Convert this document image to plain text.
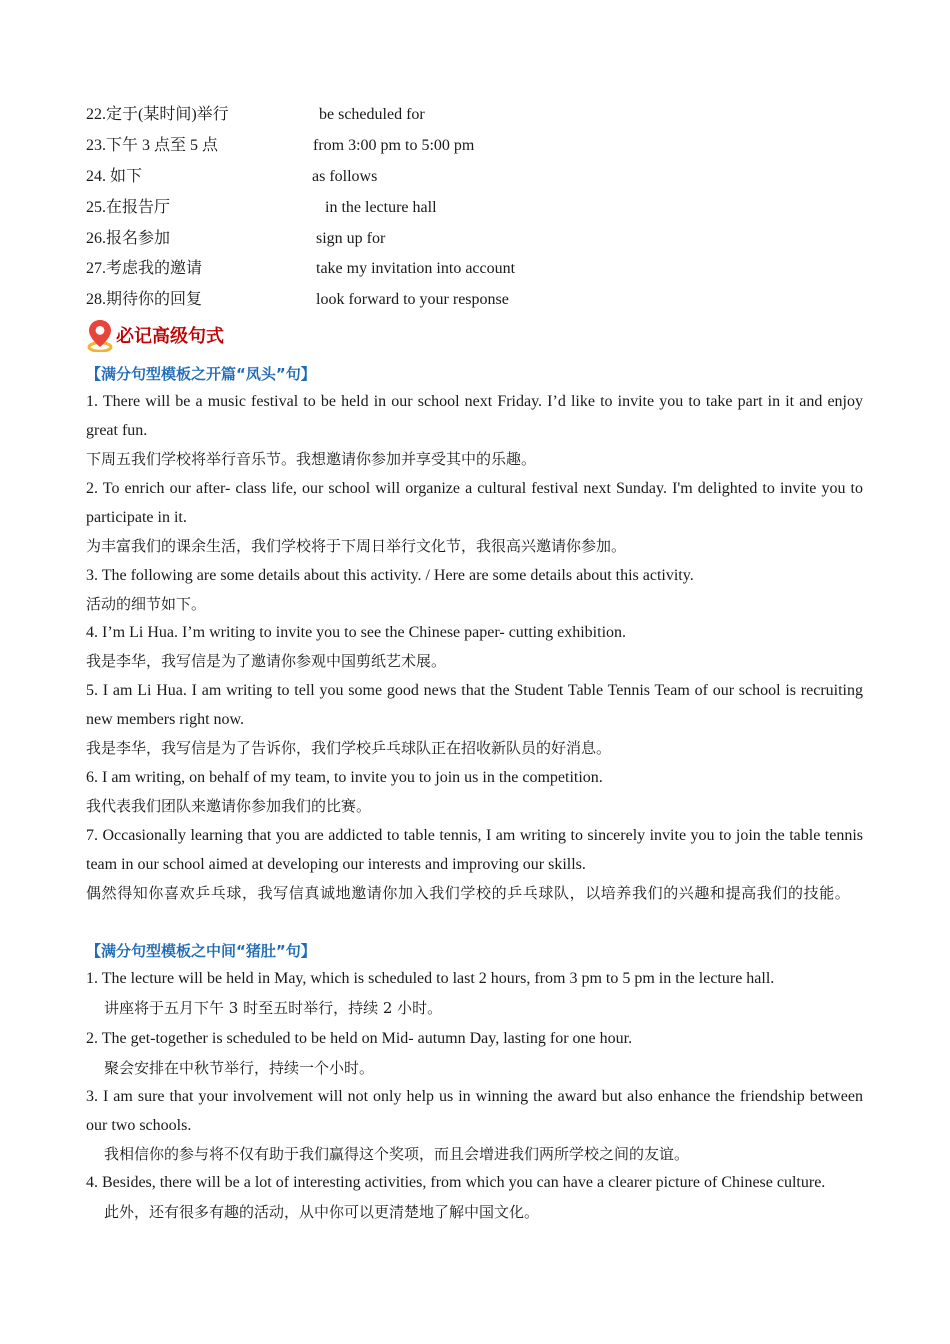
22.定于(某时间)举行	be scheduled for
23.下午 3 点至 5 点	from 3:00 pm to 5:00 pm
24. 如下	as follows
25.在报告厅	in the lecture hall
26.报名参加	sign up for
27.考虑我的邀请	take my invitation into account
28.期待你的回复	look forward to your response
必记高级句式
【满分句型模板之开篇“凤头”句】
1. There will be a music festival to be held in our school next Friday. I’d like to invite you to take part in it and enjoy great fun.
下周五我们学校将举行音乐节。我想邀请你参加并享受其中的乐趣。
2. To enrich our after- class life, our school will organize a cultural festival next Sunday. I'm delighted to invite you to participate in it.
为丰富我们的课余生活，我们学校将于下周日举行文化节，我很高兴邀请你参加。
3. The following are some details about this activity. / Here are some details about this activity.
活动的细节如下。
4. I’m Li Hua. I’m writing to invite you to see the Chinese paper- cutting exhibition.
我是李华，我写信是为了邀请你参观中国剪纸艺术展。
5. I am Li Hua. I am writing to tell you some good news that the Student Table Tennis Team of our school is recruiting new members right now.
我是李华，我写信是为了告诉你，我们学校乒乓球队正在招收新队员的好消息。
6. I am writing, on behalf of my team, to invite you to join us in the competition.
我代表我们团队来邀请你参加我们的比赛。
7. Occasionally learning that you are addicted to table tennis, I am writing to sincerely invite you to join the table tennis team in our school aimed at developing our interests and improving our skills.
偶然得知你喜欢乒乓球，我写信真诚地邀请你加入我们学校的乒乓球队，以培养我们的兴趣和提高我们的技能。
【满分句型模板之中间“猪肚”句】
1. The lecture will be held in May, which is scheduled to last 2 hours, from 3 pm to 5 pm in the lecture hall.
讲座将于五月下午 3 时至五时举行，持续 2 小时。
2. The get-together is scheduled to be held on Mid- autumn Day, lasting for one hour.
聚会安排在中秋节举行，持续一个小时。
3. I am sure that your involvement will not only help us in winning the award but also enhance the friendship between our two schools.
我相信你的参与将不仅有助于我们赢得这个奖项，而且会增进我们两所学校之间的友谊。
4. Besides, there will be a lot of interesting activities, from which you can have a clearer picture of Chinese culture.
此外，还有很多有趣的活动，从中你可以更清楚地了解中国文化。
